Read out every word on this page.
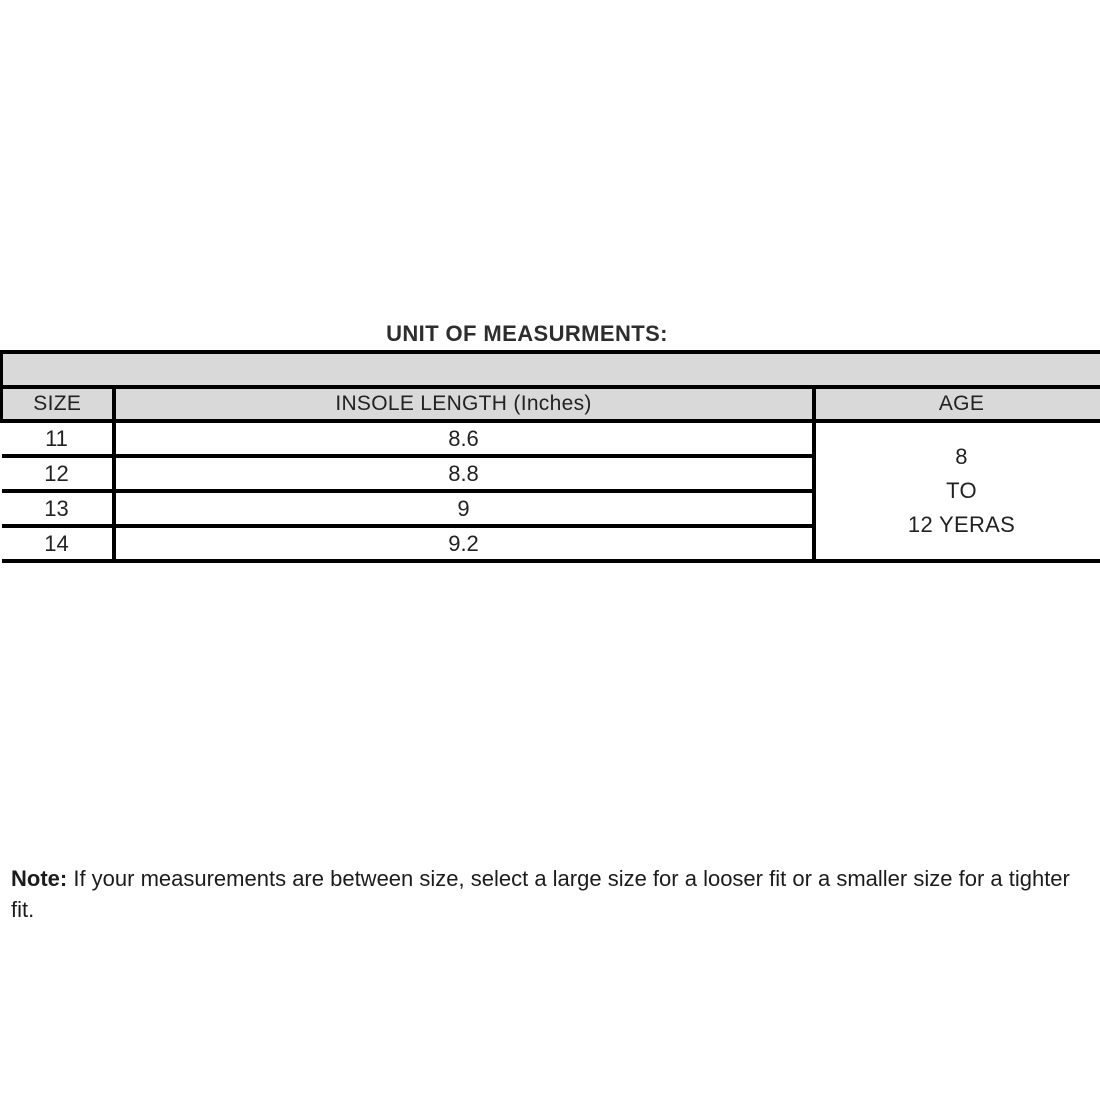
UNIT OF MEASURMENTS:

SIZE	INSOLE LENGTH (Inches)	AGE
11	8.6	8
TO
12 YERAS

12	8.8	
13	9	
14	9.2	

Note: If your measurements are between size, select a large size for a looser fit or a smaller size for a tighter fit.
